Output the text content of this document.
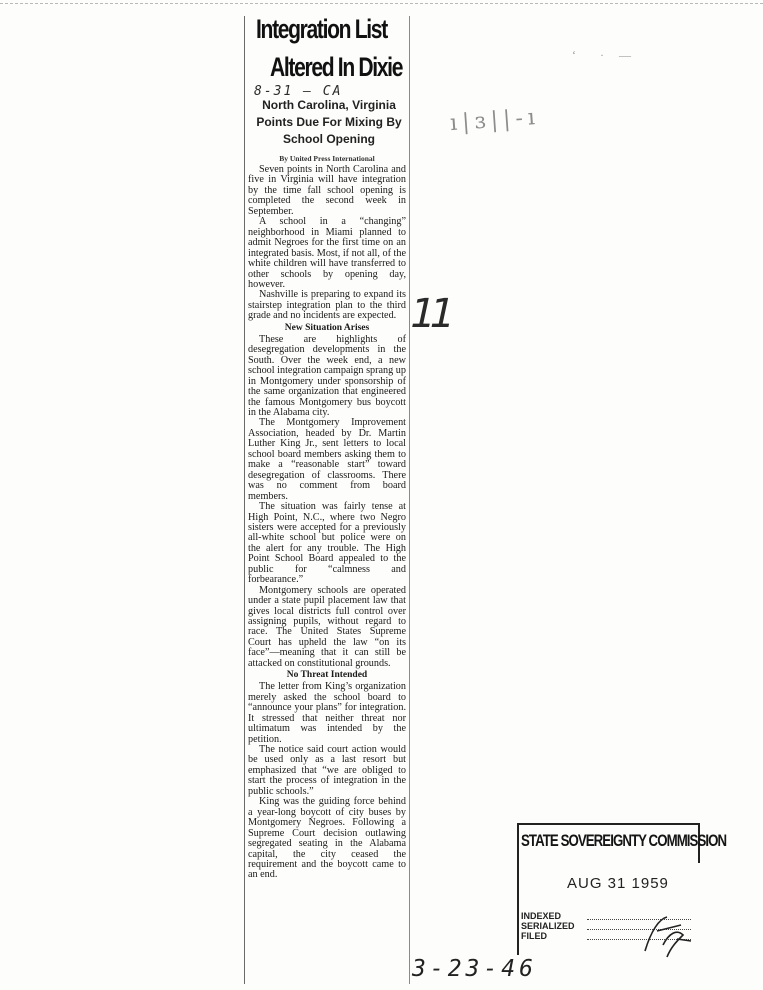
‘  · —
ı|ɜ||-ı
Integration List
Altered In Dixie
8-31 — CA
North Carolina, Virginia Points Due For Mixing By School Opening
By United Press International

Seven points in North Carolina and five in Virginia will have integration by the time fall school opening is completed the second week in September.

A school in a “changing” neighborhood in Miami planned to admit Negroes for the first time on an integrated basis. Most, if not all, of the white children will have transferred to other schools by opening day, however.

Nashville is preparing to expand its stairstep integration plan to the third grade and no incidents are expected.

New Situation Arises

These are highlights of desegregation developments in the South. Over the week end, a new school integration campaign sprang up in Montgomery under sponsorship of the same organization that engineered the famous Montgomery bus boycott in the Alabama city.

The Montgomery Improvement Association, headed by Dr. Martin Luther King Jr., sent letters to local school board members asking them to make a “reasonable start” toward desegregation of classrooms. There was no comment from board members.

The situation was fairly tense at High Point, N.C., where two Negro sisters were accepted for a previously all-white school but police were on the alert for any trouble. The High Point School Board appealed to the public for “calmness and forbearance.”

Montgomery schools are operated under a state pupil placement law that gives local districts full control over assigning pupils, without regard to race. The United States Supreme Court has upheld the law “on its face”—meaning that it can still be attacked on constitutional grounds.

No Threat Intended

The letter from King’s organization merely asked the school board to “announce your plans” for integration. It stressed that neither threat nor ultimatum was intended by the petition.

The notice said court action would be used only as a last resort but emphasized that “we are obliged to start the process of integration in the public schools.”

King was the guiding force behind a year-long boycott of city buses by Montgomery Negroes. Following a Supreme Court decision outlawing segregated seating in the Alabama capital, the city ceased the requirement and the boycott came to an end.

11
STATE SOVEREIGNTY COMMISSION
AUG 31 1959
INDEXED
SERIALIZED
FILED
3-23-46
